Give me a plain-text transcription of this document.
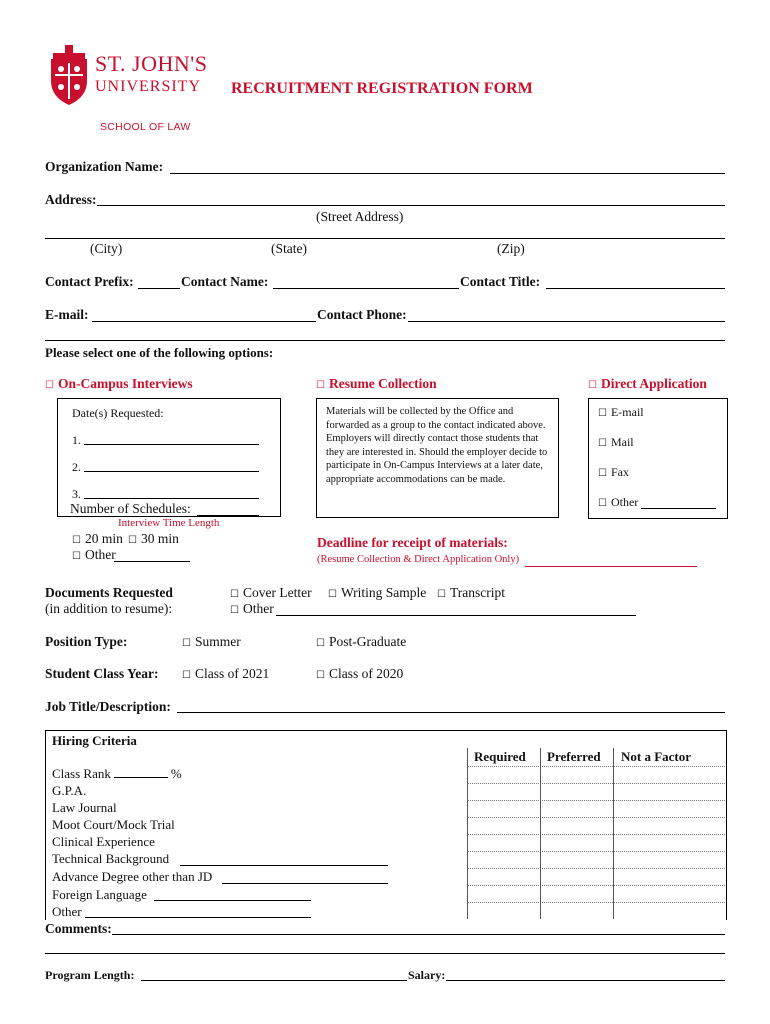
ST. JOHN'S
UNIVERSITY
SCHOOL OF LAW
RECRUITMENT REGISTRATION FORM
Organization Name:
Address:
(Street Address)
(City)	(State)	(Zip)
Contact Prefix:	Contact Name:	Contact Title:
E-mail:	Contact Phone:
Please select one of the following options:
☐ On-Campus Interviews	☐ Resume Collection	☐ Direct Application
Date(s) Requested:
1.
2.
3.
Number of Schedules:
Interview Time Length
☐ 20 min ☐ 30 min
☐ Other
Materials will be collected by the Office and forwarded as a group to the contact indicated above. Employers will directly contact those students that they are interested in. Should the employer decide to participate in On-Campus Interviews at a later date, appropriate accommodations can be made.
Deadline for receipt of materials:
(Resume Collection & Direct Application Only)
☐ E-mail
☐ Mail
☐ Fax
☐ Other
Documents Requested
(in addition to resume):
☐ Cover Letter ☐ Writing Sample ☐ Transcript
☐ Other
Position Type:	☐ Summer	☐ Post-Graduate
Student Class Year: ☐ Class of 2021	☐ Class of 2020
Job Title/Description:
Hiring Criteria
Required Preferred Not a Factor
Class Rank	%
G.P.A.
Law Journal
Moot Court/Mock Trial
Clinical Experience
Technical Background
Advance Degree other than JD
Foreign Language
Other
Comments:
Program Length:	Salary:
